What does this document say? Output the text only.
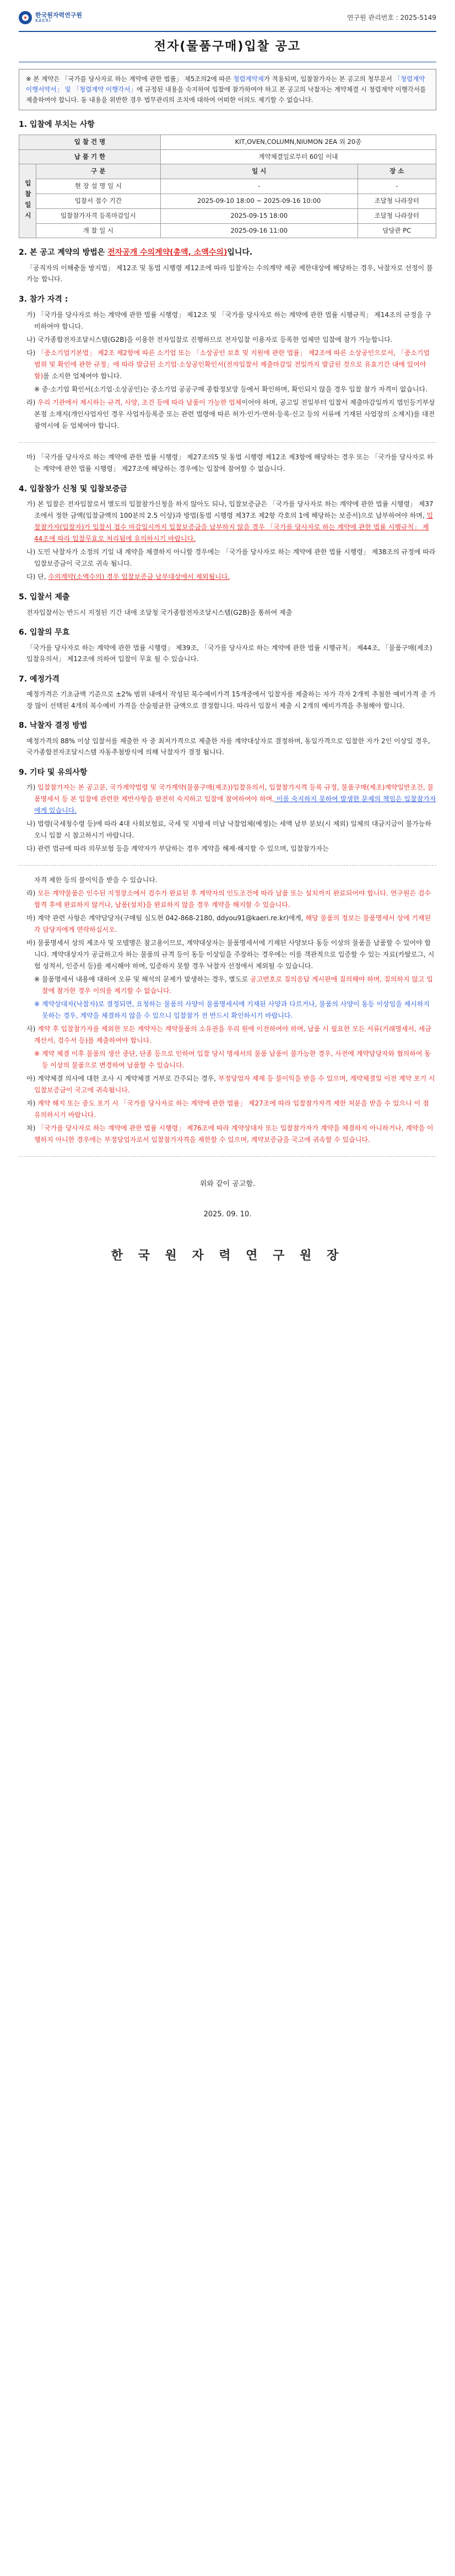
한국원자력연구원
KAERI	연구원 관리번호 : 2025-5149
전자(물품구매)입찰 공고
※ 본 계약은 「국가를 당사자로 하는 계약에 관한 법률」 제5조의2에 따른 청렴계약제가 적용되며, 입찰참가자는 본 공고의 청부문서 「청렴계약 이행서약서」 및 「청렴계약 이행각서」에 규정된 내용을 숙지하여 입찰에 참가하여야 하고 본 공고의 낙찰자는 계약체결 시 청렴계약 이행각서를 제출하여야 합니다. 동 내용을 위반한 경우 법무관리의 조치에 대하여 어떠한 이의도 제기할 수 없습니다.
1. 입찰에 부치는 사항
입 찰 건 명		KIT,OVEN,COLUMN,NIUMON 2EA 외 20종	
납 품 기 한		계약체결일로부터 60일 이내	
입찰일시	구 분	일 시	장 소
	현 장 설 명 일 시	-	-
	입찰서 접수 기간	2025-09-10 18:00 ~ 2025-09-16 10:00	조달청 나라장터
	입찰참가자격 등록마감일시	2025-09-15 18:00	조달청 나라장터
	개 찰 일 시	2025-09-16 11:00	담당관 PC
2. 본 공고 계약의 방법은 전자공개 수의계약(총액, 소액수의)입니다.
「공직자의 이해충돌 방지법」 제12조 및 동법 시행령 제12조에 따라 입찰자는 수의계약 제공 제한대상에 해당하는 경우, 낙찰자로 선정이 불가능 합니다.
3. 참가 자격 :
가) 「국가를 당사자로 하는 계약에 관한 법률 시행령」 제12조 및 「국가를 당사자로 하는 계약에 관한 법률 시행규칙」 제14조의 규정을 구비하여야 합니다.
나) 국가종합전자조달시스템(G2B)을 이용한 전자입찰로 진행하므로 전자입찰 이용자로 등록한 업체만 입찰에 참가 가능합니다.
다) 「중소기업기본법」 제2조 제2항에 따른 소기업 또는 「소상공인 보호 및 지원에 관한 법률」 제2조에 따른 소상공인으로서, 「중소기업 범위 및 확인에 관한 규정」에 따라 발급된 소기업·소상공인확인서(전자입찰서 제출마감일 전일까지 발급된 것으로 유효기간 내에 있어야 함)를 소지한 업체여야 합니다.
※ 중·소기업 확인서(소기업·소상공인)는 중소기업 공공구매 종합정보망 등에서 확인하며, 확인되지 않을 경우 입찰 참가 자격이 없습니다.
라) 우리 기관에서 제시하는 규격, 사양, 조건 등에 따라 납품이 가능한 업체이어야 하며, 공고일 전일부터 입찰서 제출마감일까지 법인등기부상 본점 소재지(개인사업자인 경우 사업자등록증 또는 관련 법령에 따른 허가·인가·면허·등록·신고 등의 서류에 기재된 사업장의 소재지)를 대전광역시에 둔 업체여야 합니다.
마) 「국가를 당사자로 하는 계약에 관한 법률 시행령」 제27조의5 및 동법 시행령 제12조 제3항에 해당하는 경우 또는 「국가를 당사자로 하는 계약에 관한 법률 시행령」 제27조에 해당하는 경우에는 입찰에 참여할 수 없습니다.
4. 입찰참가 신청 및 입찰보증금
가) 본 입찰은 전자입찰로서 별도의 입찰참가신청을 하지 않아도 되나, 입찰보증금은 「국가를 당사자로 하는 계약에 관한 법률 시행령」 제37조에서 정한 금액(입찰금액의 100분의 2.5 이상)과 방법(동법 시행령 제37조 제2항 각호의 1에 해당하는 보증서)으로 납부하여야 하며, 입찰참가자(입찰자)가 입찰서 접수 마감일시까지 입찰보증금을 납부하지 않을 경우 「국가를 당사자로 하는 계약에 관한 법률 시행규칙」 제44조에 따라 입찰무효로 처리됨에 유의하시기 바랍니다.
나) 도민 낙찰자가 소정의 기일 내 계약을 체결하지 아니할 경우에는 「국가를 당사자로 하는 계약에 관한 법률 시행령」 제38조의 규정에 따라 입찰보증금이 국고로 귀속 됩니다.
다) 단, 수의계약(소액수의) 경우 입찰보증금 납부대상에서 제외됩니다.
5. 입찰서 제출
전자입찰서는 반드시 지정된 기간 내에 조달청 국가종합전자조달시스템(G2B)을 통하여 제출
6. 입찰의 무효
「국가를 당사자로 하는 계약에 관한 법률 시행령」 제39조, 「국가를 당사자로 하는 계약에 관한 법률 시행규칙」 제44조, 「물품구매(제조)입찰유의서」 제12조에 의하여 입찰이 무효 될 수 있습니다.
7. 예정가격
예정가격은 기초금액 기준으로 ±2% 범위 내에서 작성된 복수예비가격 15개중에서 입찰자를 제출하는 자가 각자 2개씩 추첨한 예비가격 중 가장 많이 선택된 4개의 복수예비 가격을 산술평균한 금액으로 결정합니다. 따라서 입찰서 제출 시 2개의 예비가격을 추첨해야 합니다.
8. 낙찰자 결정 방법
예정가격의 88% 이상 입찰서를 제출한 자 중 최저가격으로 제출한 자를 계약대상자로 결정하며, 동일가격으로 입찰한 자가 2인 이상일 경우, 국가종합전자조달시스템 자동추첨방식에 의해 낙찰자가 결정 됩니다.
9. 기타 및 유의사항
가) 입찰참가자는 본 공고문, 국가계약법령 및 국가계약(물품구매(제조))입찰유의서, 입찰참가자격 등록 규정, 물품구매(제조)계약일반조건, 물품명세서 등 본 입찰에 관련한 제반사항을 완전히 숙지하고 입찰에 참여하여야 하며, 이를 숙지하지 못하여 발생한 문제의 책임은 입찰참가자에게 있습니다.
나) 법령(국세청수령 등)에 따라 4대 사회보험료, 국세 및 지방세 미납 낙찰업체(예정)는 세액 납부 분보(시 제외) 일체의 대금지급이 불가능하오니 입찰 시 참고하시기 바랍니다.
다) 관련 법규에 따라 의무보험 등을 계약자가 부담하는 경우 계약을 해제·해지할 수 있으며, 입찰참가자는
자격 제한 등의 불이익을 받을 수 있습니다.
라) 모든 계약물품은 인수된 지정장소에서 검수가 완료된 후 계약자의 인도조건에 따라 납품 또는 설치까지 완료되어야 합니다. 연구원은 검수합격 후에 완료하지 않거나, 납품(설치)을 완료하지 않을 경우 계약을 해지할 수 있습니다.
마) 계약 관련 사항은 계약담당자(구매팀 심도현 042-868-2180, ddyou91@kaeri.re.kr)에게, 해당 물품의 정보는 물품명세서 상에 기재된 각 담당자에게 연락하십시오.
바) 물품명세서 상의 제조사 및 모델명은 참고용이므로, 계약대상자는 물품명세서에 기재된 사양보다 동등 이상의 물품을 납품할 수 있어야 합니다. 계약대상자가 공급하고자 하는 물품의 규격 등이 동등 이상임을 주장하는 경우에는 이를 객관적으로 입증할 수 있는 자료(카탈로그, 시험 성적서, 인증서 등)를 제시해야 하며, 입증하지 못할 경우 낙찰자 선정에서 제외될 수 있습니다.
※ 물품명세서 내용에 대하여 오류 및 해석의 문제가 발생하는 경우, 별도로 공고번호로 질의응답 게시판에 질의해야 하며, 질의하지 않고 입찰에 참가한 경우 이의를 제기할 수 없습니다.
※ 계약상대자(낙찰자)로 결정되면, 요청하는 물품의 사양이 물품명세서에 기재된 사양과 다르거나, 물품의 사양이 동등 이상임을 제시하지 못하는 경우, 계약을 체결하지 않을 수 있으니 입찰참가 전 반드시 확인하시기 바랍니다.
사) 계약 후 입찰참가자를 제외한 모든 계약자는 계약물품의 소유권을 우리 원에 이전하여야 하며, 납품 시 필요한 모든 서류(거래명세서, 세금계산서, 검수서 등)를 제출하여야 합니다.
※ 계약 체결 이후 물품의 생산 중단, 단종 등으로 인하여 입찰 당시 명세서의 물품 납품이 불가능한 경우, 사전에 계약담당자와 협의하여 동등 이상의 물품으로 변경하여 납품할 수 있습니다.
아) 계약체결 의사에 대한 조사 시 계약체결 거부로 간주되는 경우, 부정당업자 제재 등 불이익을 받을 수 있으며, 계약체결일 이전 계약 포기 시 입찰보증금이 국고에 귀속됩니다.
자) 계약 해지 또는 중도 포기 시 「국가를 당사자로 하는 계약에 관한 법률」 제27조에 따라 입찰참가자격 제한 처분을 받을 수 있으니 이 점 유의하시기 바랍니다.
차) 「국가를 당사자로 하는 계약에 관한 법률 시행령」 제76조에 따라 계약상대자 또는 입찰참가자가 계약을 체결하지 아니하거나, 계약을 이행하지 아니한 경우에는 부정당업자로서 입찰참가자격을 제한할 수 있으며, 계약보증금을 국고에 귀속할 수 있습니다.
위와 같이 공고함.
2025. 09. 10.
한 국 원 자 력 연 구 원 장
